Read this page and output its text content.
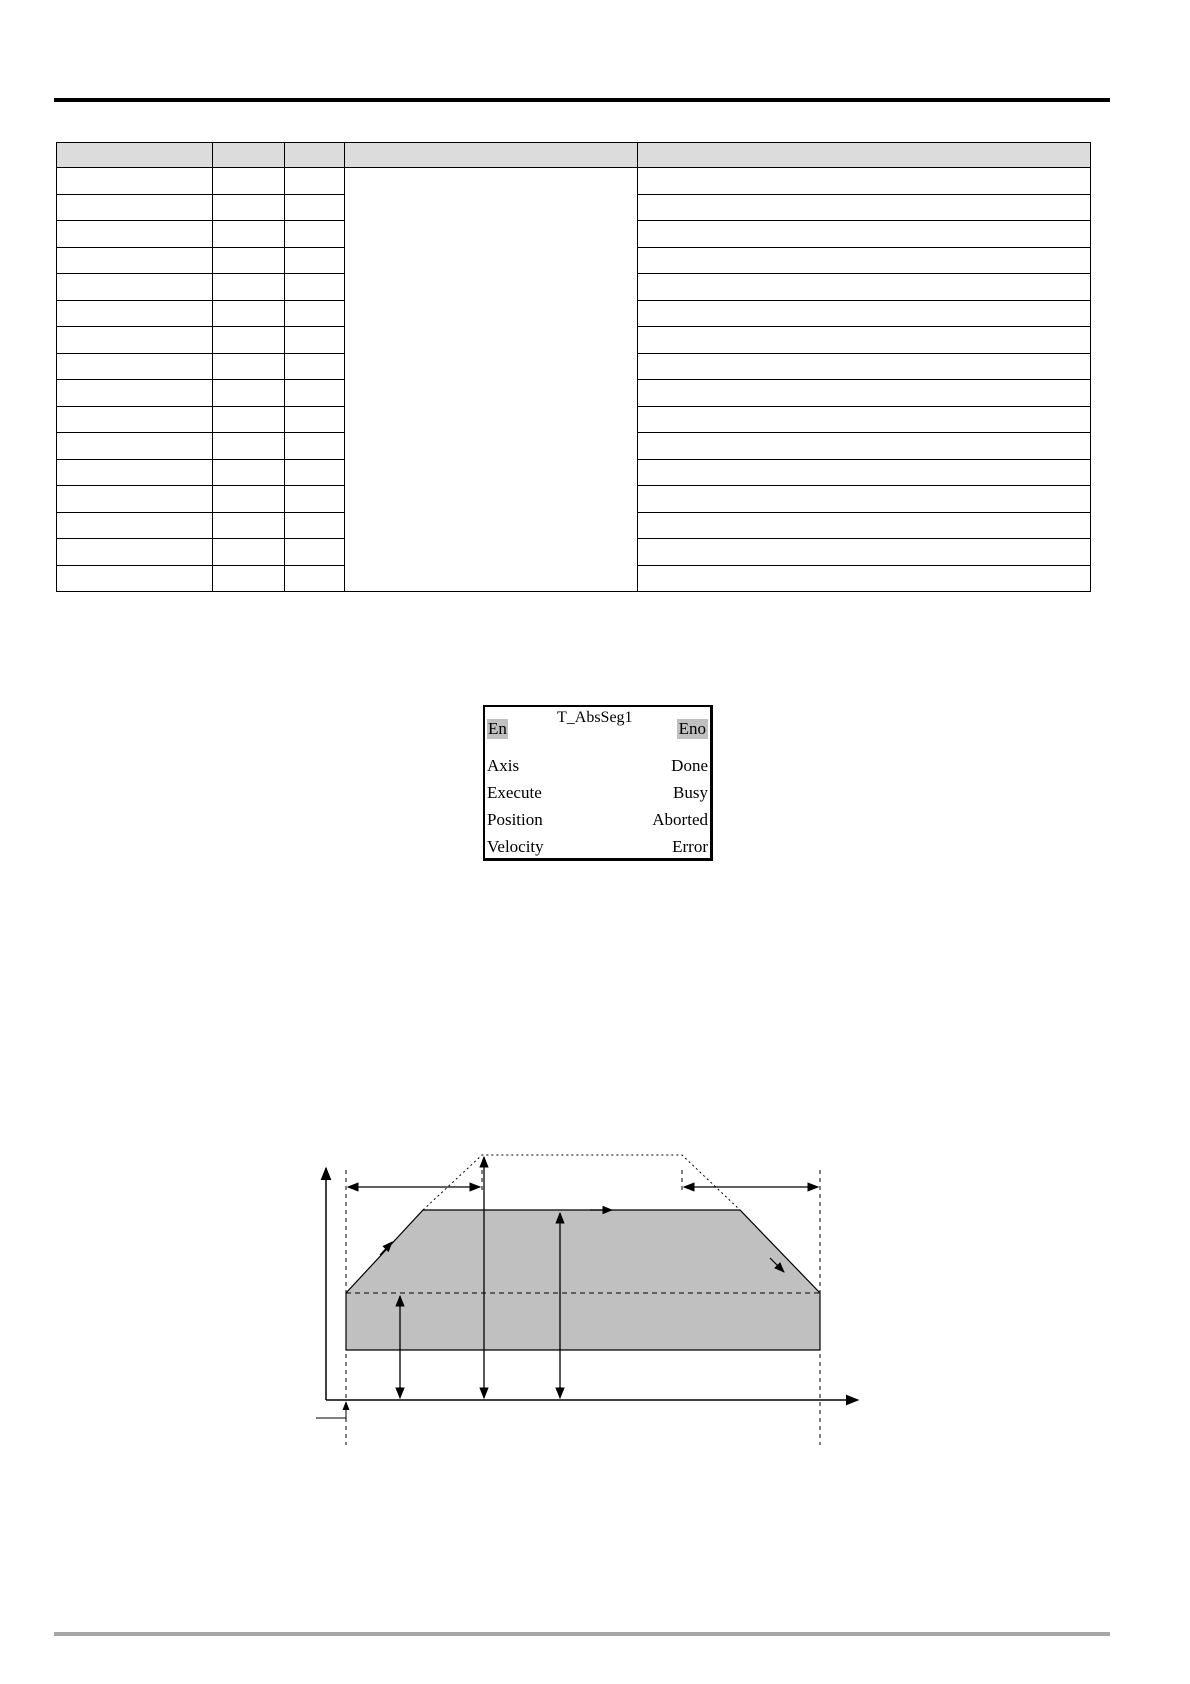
T_AbsSeg1
En	Eno
Axis
Execute
Position
Velocity
Done
Busy
Aborted
Error
